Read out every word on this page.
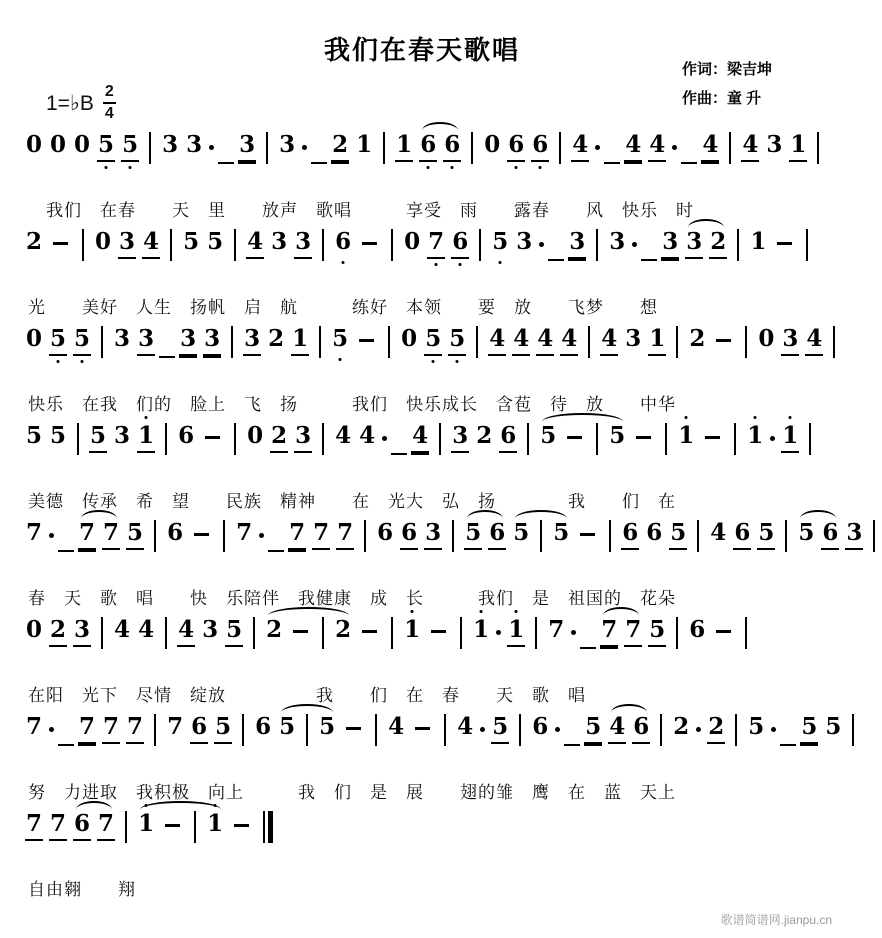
我们在春天歌唱
作词：梁吉坤
作曲：童 升
1=♭B $\frac{2}{4}$
0 0 0 5 5 3 3 3 3 2 1 1 6 6 0 6 6 4 4 4 4 4 3 1
　我们　在春　　天　里　　放声　歌唱　　　享受　雨　　露春　　风　快乐　时
2 0 3 4 5 5 4 3 3 6 0 7 6 5 3 3 3 3 3 2 1
光　　美好　人生　扬帆　启　航　　　练好　本领　　要　放　　飞梦　　想
0 5 5 3 3 3 3 3 2 1 5 0 5 5 4 4 4 4 4 3 1 2 0 3 4
快乐　在我　们的　脸上　飞　扬　　　我们　快乐成长　含苞　待　放　　中华
5 5 5 3 1 6 0 2 3 4 4 4 3 2 6 5 5 1 1 1
美德　传承　希　望　　民族　精神　　在　光大　弘　扬　　　　我　　们　在
7 7 7 5 6 7 7 7 7 6 6 3 5 6 5 5 6 6 5 4 6 5 5 6 3
春　天　歌　唱　　快　乐陪伴　我健康　成　长　　　我们　是　祖国的　花朵
0 2 3 4 4 4 3 5 2 2 1 1 1 7 7 7 5 6
在阳　光下　尽情　绽放　　　　　我　　们　在　春　　天　歌　唱
7 7 7 7 7 6 5 6 5 5 4 4 5 6 5 4 6 2 2 5 5 5
努　力进取　我积极　向上　　　我　们　是　展　　翅的雏　鹰　在　蓝　天上
7 7 6 7 1 1
自由翱　　翔
歌谱简谱网.jianpu.cn
